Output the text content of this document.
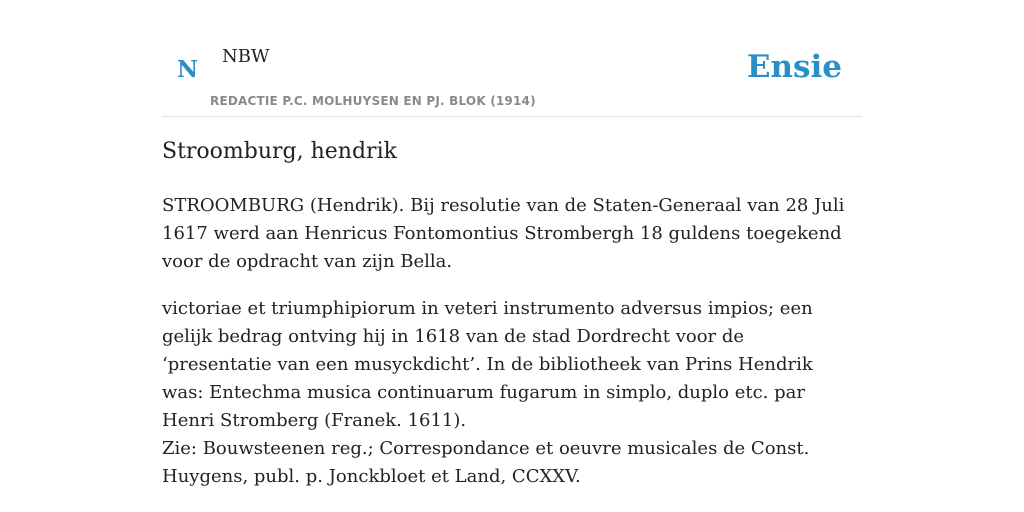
N NBW
REDACTIE P.C. MOLHUYSEN EN PJ. BLOK (1914)
Ensie
Stroomburg, hendrik

STROOMBURG (Hendrik). Bij resolutie van de Staten-Generaal van 28 Juli 1617 werd aan Henricus Fontomontius Strombergh 18 guldens toegekend voor de opdracht van zijn Bella.

victoriae et triumphipiorum in veteri instrumento adversus impios; een gelijk bedrag ontving hij in 1618 van de stad Dordrecht voor de ‘presentatie van een musyckdicht’. In de bibliotheek van Prins Hendrik was: Entechma musica continuarum fugarum in simplo, duplo etc. par Henri Stromberg (Franek. 1611).

Zie: Bouwsteenen reg.; Correspondance et oeuvre musicales de Const. Huygens, publ. p. Jonckbloet et Land, CCXXV.
